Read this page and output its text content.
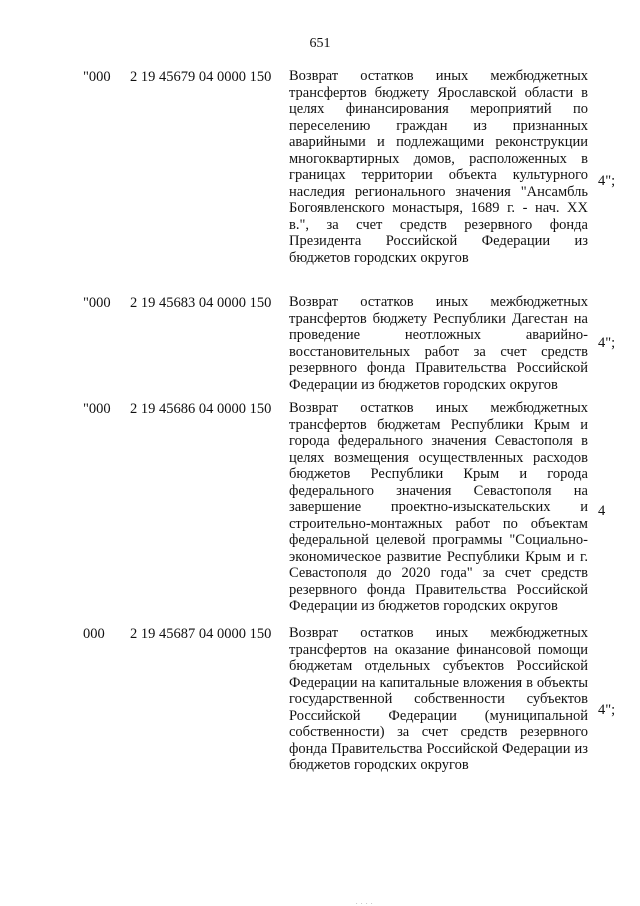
651
"000 2 19 45679 04 0000 150 Возврат остатков иных межбюджетных трансфертов бюджету Ярославской области в целях финансирования мероприятий по переселению граждан из признанных аварийными и подлежащими реконструкции многоквартирных домов, расположенных в границах территории объекта культурного наследия регионального значения "Ансамбль Богоявленского монастыря, 1689 г. - нач. XX в.", за счет средств резервного фонда Президента Российской Федерации из бюджетов городских округов
4";
"000 2 19 45683 04 0000 150 Возврат остатков иных межбюджетных трансфертов бюджету Республики Дагестан на проведение неотложных аварийно-восстановительных работ за счет средств резервного фонда Правительства Российской Федерации из бюджетов городских округов
4";
"000 2 19 45686 04 0000 150 Возврат остатков иных межбюджетных трансфертов бюджетам Республики Крым и города федерального значения Севастополя в целях возмещения осуществленных расходов бюджетов Республики Крым и города федерального значения Севастополя на завершение проектно-изыскательских и строительно-монтажных работ по объектам федеральной целевой программы "Социально-экономическое развитие Республики Крым и г. Севастополя до 2020 года" за счет средств резервного фонда Правительства Российской Федерации из бюджетов городских округов
4
000 2 19 45687 04 0000 150 Возврат остатков иных межбюджетных трансфертов на оказание финансовой помощи бюджетам отдельных субъектов Российской Федерации на капитальные вложения в объекты государственной собственности субъектов Российской Федерации (муниципальной собственности) за счет средств резервного фонда Правительства Российской Федерации из бюджетов городских округов
4";
. . . .
